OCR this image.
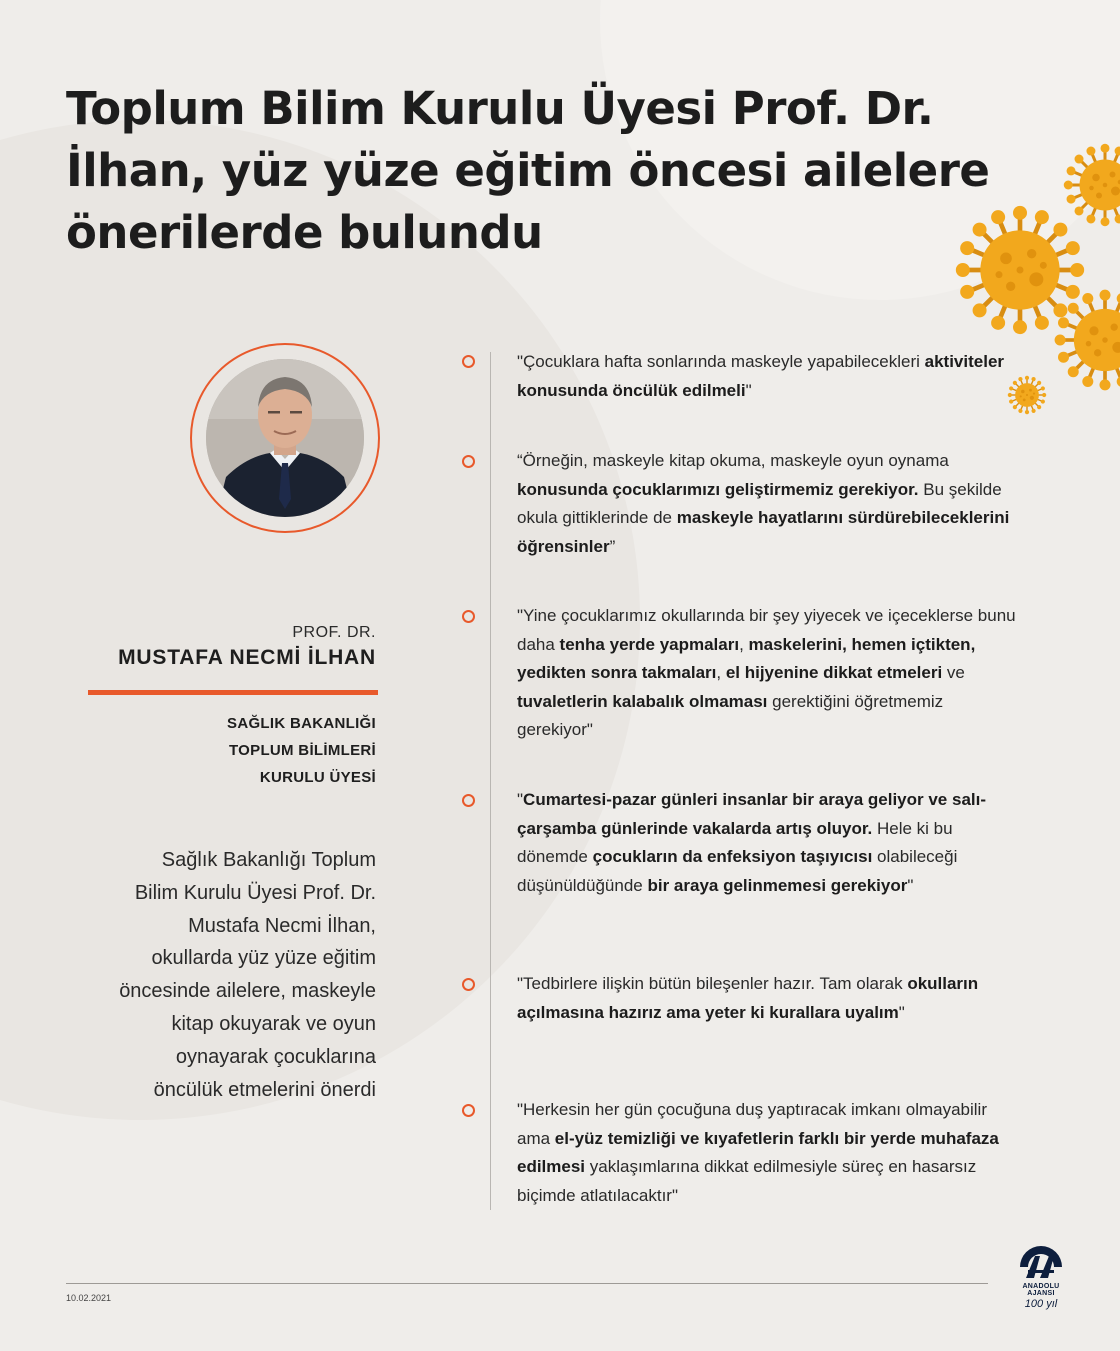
Toplum Bilim Kurulu Üyesi Prof. Dr. İlhan, yüz yüze eğitim öncesi ailelere önerilerde bulundu
PROF. DR.
MUSTAFA NECMİ İLHAN
SAĞLIK BAKANLIĞI
TOPLUM BİLİMLERİ
KURULU ÜYESİ
Sağlık Bakanlığı Toplum Bilim Kurulu Üyesi Prof. Dr. Mustafa Necmi İlhan, okullarda yüz yüze eğitim öncesinde ailelere, maskeyle kitap okuyarak ve oyun oynayarak çocuklarına öncülük etmelerini önerdi

"Çocuklara hafta sonlarında maskeyle yapabilecekleri aktiviteler konusunda öncülük edilmeli"

“Örneğin, maskeyle kitap okuma, maskeyle oyun oynama konusunda çocuklarımızı geliştirmemiz gerekiyor. Bu şekilde okula gittiklerinde de maskeyle hayatlarını sürdürebileceklerini öğrensinler”

"Yine çocuklarımız okullarında bir şey yiyecek ve içeceklerse bunu daha tenha yerde yapmaları, maskelerini, hemen içtikten, yedikten sonra takmaları, el hijyenine dikkat etmeleri ve tuvaletlerin kalabalık olmaması gerektiğini öğretmemiz gerekiyor"

"Cumartesi-pazar günleri insanlar bir araya geliyor ve salı-çarşamba günlerinde vakalarda artış oluyor. Hele ki bu dönemde çocukların da enfeksiyon taşıyıcısı olabileceği düşünüldüğünde bir araya gelinmemesi gerekiyor"

"Tedbirlere ilişkin bütün bileşenler hazır. Tam olarak okulların açılmasına hazırız ama yeter ki kurallara uyalım"

"Herkesin her gün çocuğuna duş yaptıracak imkanı olmayabilir ama el-yüz temizliği ve kıyafetlerin farklı bir yerde muhafaza edilmesi yaklaşımlarına dikkat edilmesiyle süreç en hasarsız biçimde atlatılacaktır"

10.02.2021
ANADOLU AJANSI
100 yıl
